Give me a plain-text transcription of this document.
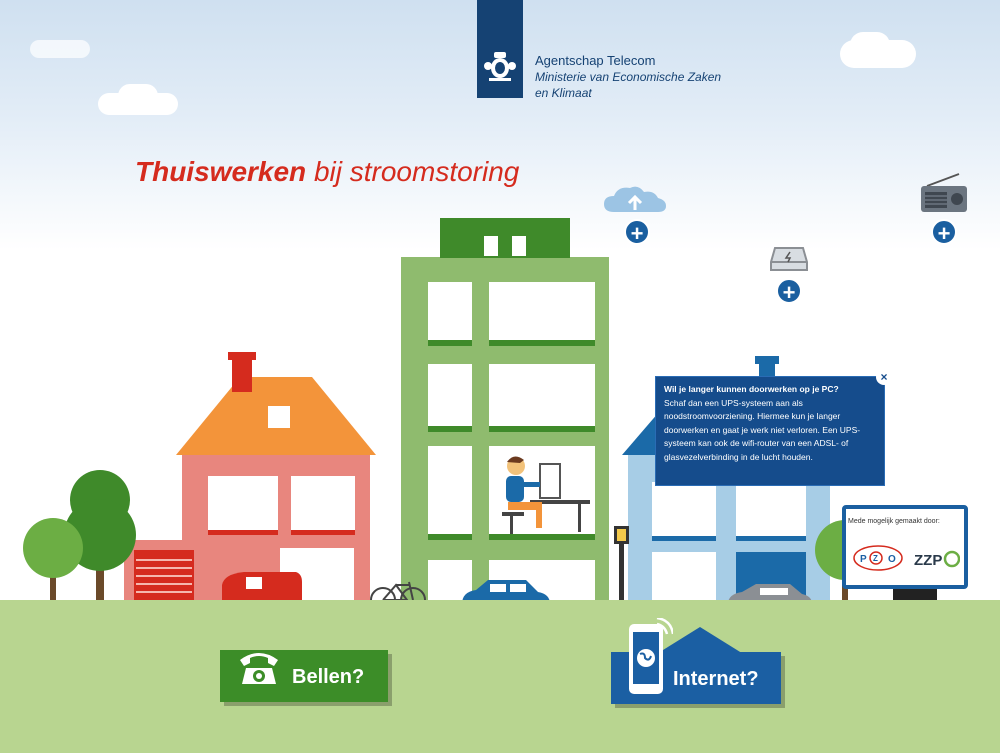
Agentschap Telecom
Ministerie van Economische Zaken
en Klimaat
Thuiswerken bij stroomstoring
+
+
+
Wil je langer kunnen doorwerken op je PC?
Schaf dan een UPS-systeem aan als noodstroomvoorziening. Hiermee kun je langer doorwerken en gaat je werk niet verloren. Een UPS-systeem kan ook de wifi-router van een ADSL- of glasvezelverbinding in de lucht houden.
×
Mede mogelijk gemaakt door:
P Z O ZZP
Bellen?	Internet?
